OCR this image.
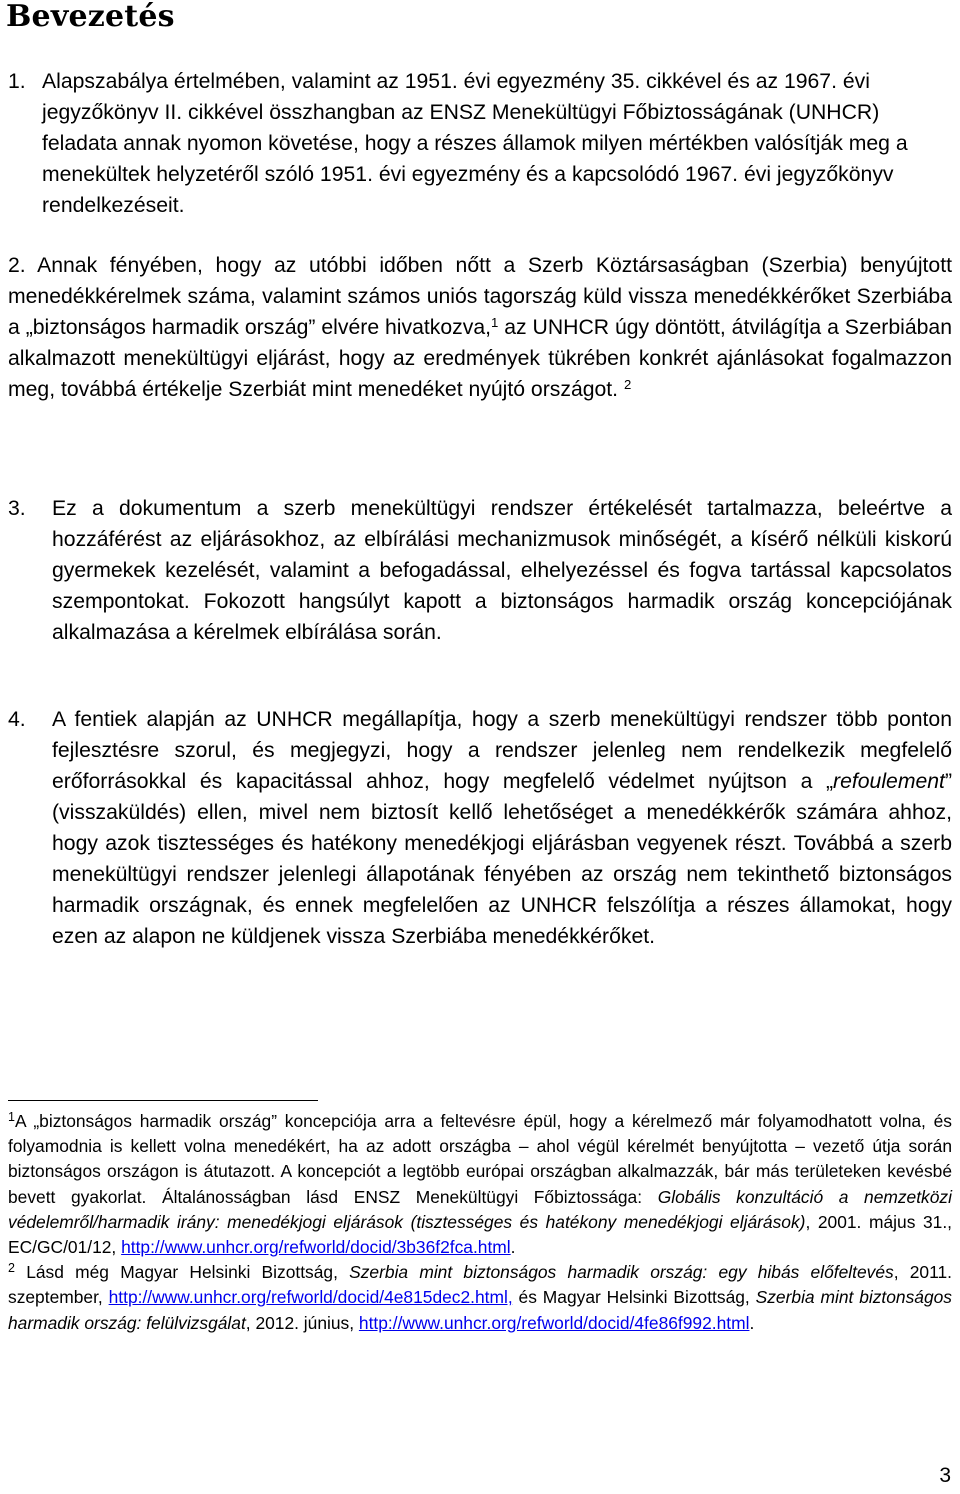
Bevezetés
1. Alapszabálya értelmében, valamint az 1951. évi egyezmény 35. cikkével és az 1967. évi jegyzőkönyv II. cikkével összhangban az ENSZ Menekültügyi Főbiztosságának (UNHCR) feladata annak nyomon követése, hogy a részes államok milyen mértékben valósítják meg a menekültek helyzetéről szóló 1951. évi egyezmény és a kapcsolódó 1967. évi jegyzőkönyv rendelkezéseit.
2. Annak fényében, hogy az utóbbi időben nőtt a Szerb Köztársaságban (Szerbia) benyújtott menedékkérelmek száma, valamint számos uniós tagország küld vissza menedékkérőket Szerbiába a „biztonságos harmadik ország” elvére hivatkozva,$^1$ az UNHCR úgy döntött, átvilágítja a Szerbiában alkalmazott menekültügyi eljárást, hogy az eredmények tükrében konkrét ajánlásokat fogalmazzon meg, továbbá értékelje Szerbiát mint menedéket nyújtó országot. $^2$
3. Ez a dokumentum a szerb menekültügyi rendszer értékelését tartalmazza, beleértve a hozzáférést az eljárásokhoz, az elbírálási mechanizmusok minőségét, a kísérő nélküli kiskorú gyermekek kezelését, valamint a befogadással, elhelyezéssel és fogva tartással kapcsolatos szempontokat. Fokozott hangsúlyt kapott a biztonságos harmadik ország koncepciójának alkalmazása a kérelmek elbírálása során.
4. A fentiek alapján az UNHCR megállapítja, hogy a szerb menekültügyi rendszer több ponton fejlesztésre szorul, és megjegyzi, hogy a rendszer jelenleg nem rendelkezik megfelelő erőforrásokkal és kapacitással ahhoz, hogy megfelelő védelmet nyújtson a „refoulement” (visszaküldés) ellen, mivel nem biztosít kellő lehetőséget a menedékkérők számára ahhoz, hogy azok tisztességes és hatékony menedékjogi eljárásban vegyenek részt. Továbbá a szerb menekültügyi rendszer jelenlegi állapotának fényében az ország nem tekinthető biztonságos harmadik országnak, és ennek megfelelően az UNHCR felszólítja a részes államokat, hogy ezen az alapon ne küldjenek vissza Szerbiába menedékkérőket.

$^1$A „biztonságos harmadik ország” koncepciója arra a feltevésre épül, hogy a kérelmező már folyamodhatott volna, és folyamodnia is kellett volna menedékért, ha az adott országba – ahol végül kérelmét benyújtotta – vezető útja során biztonságos országon is átutazott. A koncepciót a legtöbb európai országban alkalmazzák, bár más területeken kevésbé bevett gyakorlat. Általánosságban lásd ENSZ Menekültügyi Főbiztossága: Globális konzultáció a nemzetközi védelemről/harmadik irány: menedékjogi eljárások (tisztességes és hatékony menedékjogi eljárások), 2001. május 31., EC/GC/01/12, http://www.unhcr.org/refworld/docid/3b36f2fca.html.

$^2$ Lásd még Magyar Helsinki Bizottság, Szerbia mint biztonságos harmadik ország: egy hibás előfeltevés, 2011. szeptember, http://www.unhcr.org/refworld/docid/4e815dec2.html, és Magyar Helsinki Bizottság, Szerbia mint biztonságos harmadik ország: felülvizsgálat, 2012. június, http://www.unhcr.org/refworld/docid/4fe86f992.html.

3
